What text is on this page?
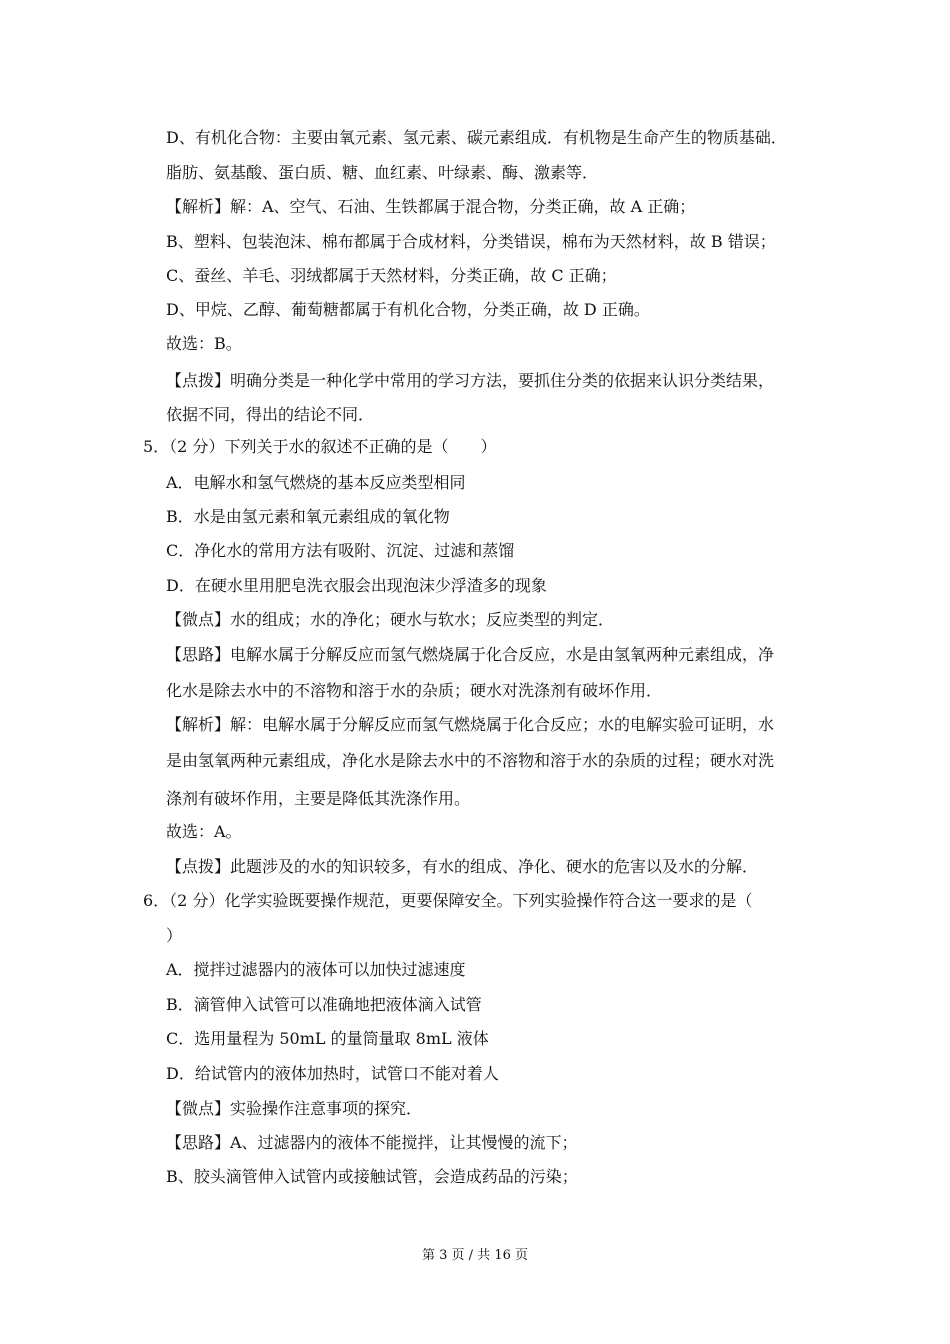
D、有机化合物：主要由氧元素、氢元素、碳元素组成．有机物是生命产生的物质基础．
脂肪、氨基酸、蛋白质、糖、血红素、叶绿素、酶、激素等．
【解析】解：A、空气、石油、生铁都属于混合物，分类正确，故 A 正确；
B、塑料、包装泡沫、棉布都属于合成材料，分类错误，棉布为天然材料，故 B 错误；
C、蚕丝、羊毛、羽绒都属于天然材料，分类正确，故 C 正确；
D、甲烷、乙醇、葡萄糖都属于有机化合物，分类正确，故 D 正确。
故选：B。
【点拨】明确分类是一种化学中常用的学习方法，要抓住分类的依据来认识分类结果，
依据不同，得出的结论不同．
5．（2 分）下列关于水的叙述不正确的是（　　）
A．电解水和氢气燃烧的基本反应类型相同
B．水是由氢元素和氧元素组成的氧化物
C．净化水的常用方法有吸附、沉淀、过滤和蒸馏
D．在硬水里用肥皂洗衣服会出现泡沫少浮渣多的现象
【微点】水的组成；水的净化；硬水与软水；反应类型的判定．
【思路】电解水属于分解反应而氢气燃烧属于化合反应，水是由氢氧两种元素组成，净
化水是除去水中的不溶物和溶于水的杂质；硬水对洗涤剂有破坏作用．
【解析】解：电解水属于分解反应而氢气燃烧属于化合反应；水的电解实验可证明，水
是由氢氧两种元素组成，净化水是除去水中的不溶物和溶于水的杂质的过程；硬水对洗
涤剂有破坏作用，主要是降低其洗涤作用。
故选：A。
【点拨】此题涉及的水的知识较多，有水的组成、净化、硬水的危害以及水的分解．
6．（2 分）化学实验既要操作规范，更要保障安全。下列实验操作符合这一要求的是（
）
A．搅拌过滤器内的液体可以加快过滤速度
B．滴管伸入试管可以准确地把液体滴入试管
C．选用量程为 50mL 的量筒量取 8mL 液体
D．给试管内的液体加热时，试管口不能对着人
【微点】实验操作注意事项的探究．
【思路】A、过滤器内的液体不能搅拌，让其慢慢的流下；
B、胶头滴管伸入试管内或接触试管，会造成药品的污染；
第 3 页 / 共 16 页
